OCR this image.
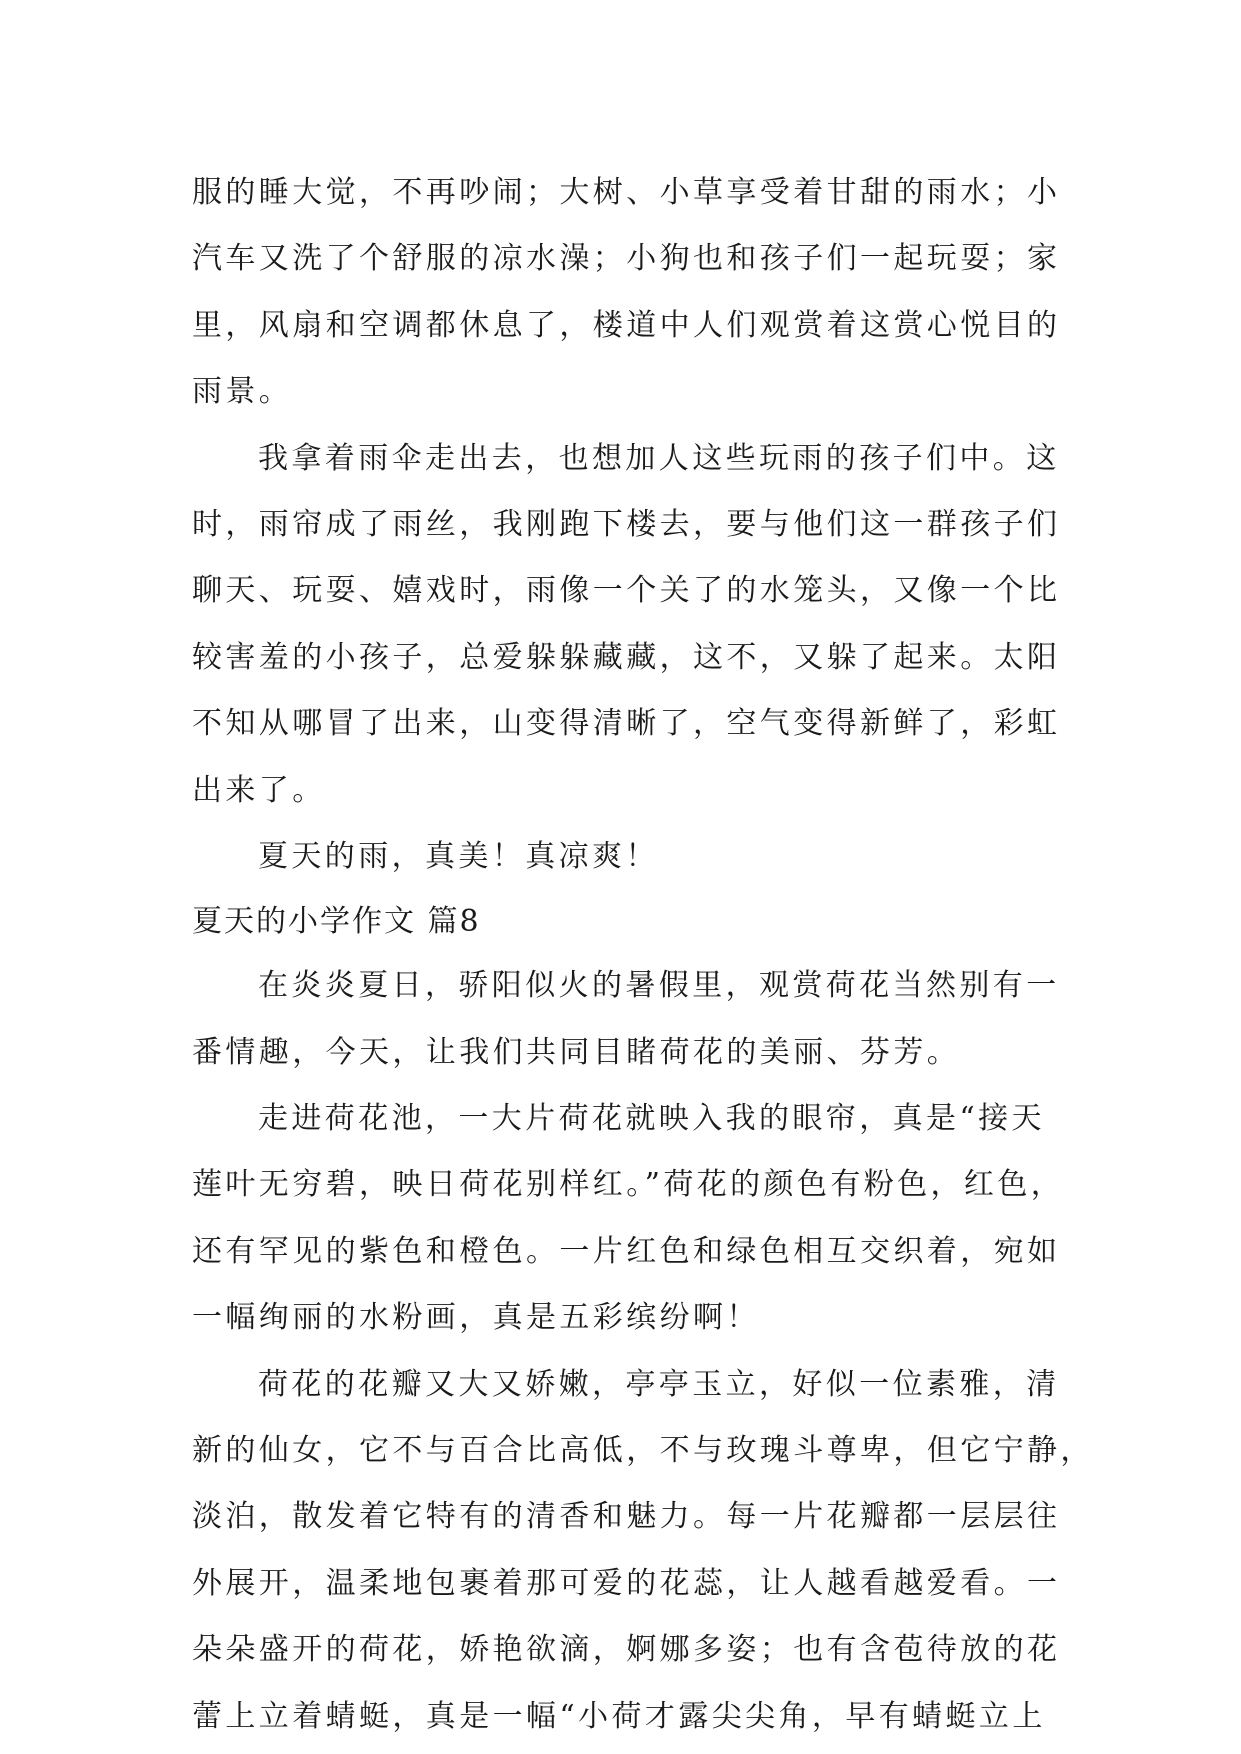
服的睡大觉，不再吵闹；大树、小草享受着甘甜的雨水；小
汽车又洗了个舒服的凉水澡；小狗也和孩子们一起玩耍；家
里，风扇和空调都休息了，楼道中人们观赏着这赏心悦目的
雨景。
我拿着雨伞走出去，也想加人这些玩雨的孩子们中。这
时，雨帘成了雨丝，我刚跑下楼去，要与他们这一群孩子们
聊天、玩耍、嬉戏时，雨像一个关了的水笼头，又像一个比
较害羞的小孩子，总爱躲躲藏藏，这不，又躲了起来。太阳
不知从哪冒了出来，山变得清晰了，空气变得新鲜了，彩虹
出来了。
夏天的雨，真美！真凉爽！
夏天的小学作文 篇8
在炎炎夏日，骄阳似火的暑假里，观赏荷花当然别有一
番情趣，今天，让我们共同目睹荷花的美丽、芬芳。
走进荷花池，一大片荷花就映入我的眼帘，真是“接天
莲叶无穷碧，映日荷花别样红。”荷花的颜色有粉色，红色，
还有罕见的紫色和橙色。一片红色和绿色相互交织着，宛如
一幅绚丽的水粉画，真是五彩缤纷啊！
荷花的花瓣又大又娇嫩，亭亭玉立，好似一位素雅，清
新的仙女，它不与百合比高低，不与玫瑰斗尊卑，但它宁静，
淡泊，散发着它特有的清香和魅力。每一片花瓣都一层层往
外展开，温柔地包裹着那可爱的花蕊，让人越看越爱看。一
朵朵盛开的荷花，娇艳欲滴，婀娜多姿；也有含苞待放的花
蕾上立着蜻蜓，真是一幅“小荷才露尖尖角，早有蜻蜓立上
